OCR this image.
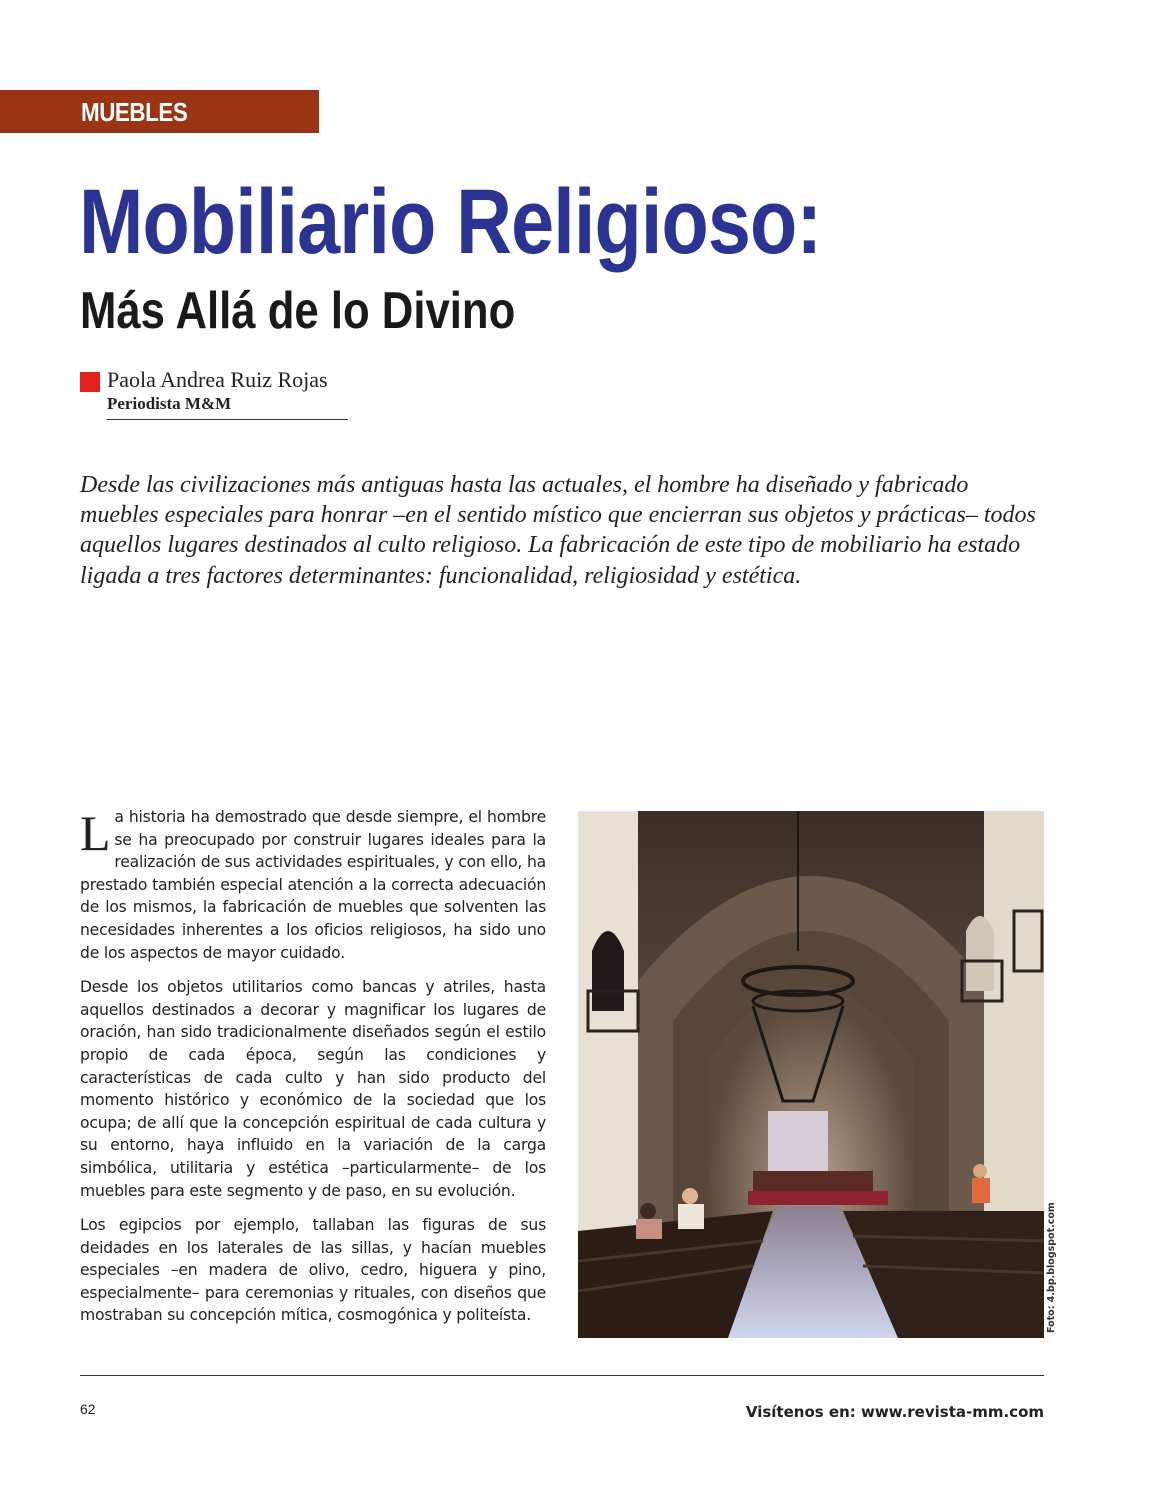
MUEBLES
Mobiliario Religioso:
Más Allá de lo Divino
Paola Andrea Ruiz Rojas
Periodista M&M

Desde las civilizaciones más antiguas hasta las actuales, el hombre ha diseñado y fabricado muebles especiales para honrar –en el sentido místico que encierran sus objetos y prácticas– todos aquellos lugares destinados al culto religioso. La fabricación de este tipo de mobiliario ha estado ligada a tres factores determinantes: funcionalidad, religiosidad y estética.

La historia ha demostrado que desde siempre, el hombre se ha preocupado por construir lugares ideales para la realización de sus actividades espirituales, y con ello, ha prestado también especial atención a la correcta adecuación de los mismos, la fabricación de muebles que solventen las necesidades inherentes a los oficios religiosos, ha sido uno de los aspectos de mayor cuidado.

Desde los objetos utilitarios como bancas y atriles, hasta aquellos destinados a decorar y magnificar los lugares de oración, han sido tradicionalmente diseñados según el estilo propio de cada época, según las condiciones y características de cada culto y han sido producto del momento histórico y económico de la sociedad que los ocupa; de allí que la concepción espiritual de cada cultura y su entorno, haya influido en la variación de la carga simbólica, utilitaria y estética –particularmente– de los muebles para este segmento y de paso, en su evolución.

Los egipcios por ejemplo, tallaban las figuras de sus deidades en los laterales de las sillas, y hacían muebles especiales –en madera de olivo, cedro, higuera y pino, especialmente– para ceremonias y rituales, con diseños que mostraban su concepción mítica, cosmogónica y politeísta.	Foto: 4.bp.blogspot.com
62	Visítenos en: www.revista-mm.com
